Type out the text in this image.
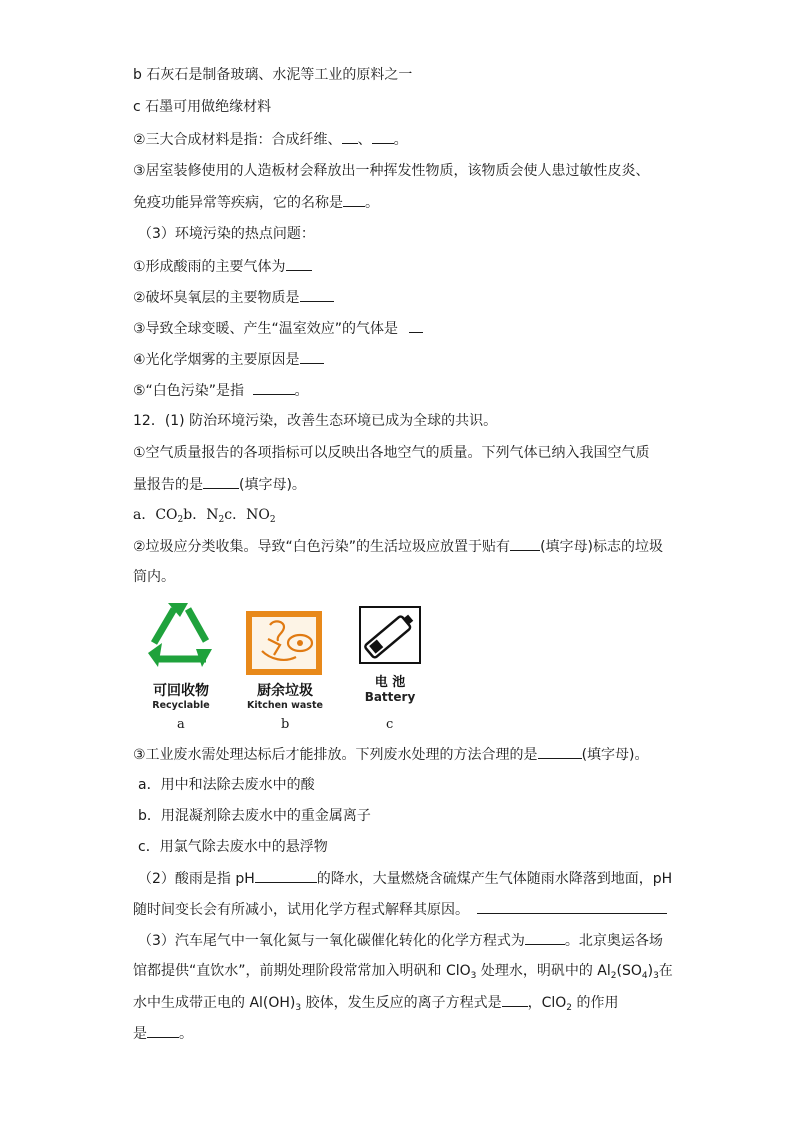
b 石灰石是制备玻璃、水泥等工业的原料之一
c 石墨可用做绝缘材料
②三大合成材料是指：合成纤维、 、 。
③居室装修使用的人造板材会释放出一种挥发性物质，该物质会使人患过敏性皮炎、
免疫功能异常等疾病，它的名称是 。
（3）环境污染的热点问题：
①形成酸雨的主要气体为
②破坏臭氧层的主要物质是
③导致全球变暖、产生“温室效应”的气体是
④光化学烟雾的主要原因是
⑤“白色污染”是指	。
12．(1) 防治环境污染，改善生态环境已成为全球的共识。
①空气质量报告的各项指标可以反映出各地空气的质量。下列气体已纳入我国空气质
量报告的是	(填字母)。
a．$CO_2b$．$N_2c$．$NO_2$
②垃圾应分类收集。导致“白色污染”的生活垃圾应放置于贴有 (填字母)标志的垃圾
筒内。
可回收物
Recyclable
厨余垃圾
Kitchen waste
电 池
Battery
a	b	c
③工业废水需处理达标后才能排放。下列废水处理的方法合理的是	(填字母)。
a．用中和法除去废水中的酸
b．用混凝剂除去废水中的重金属离子
c．用氯气除去废水中的悬浮物
（2）酸雨是指 pH	的降水，大量燃烧含硫煤产生气体随雨水降落到地面，pH
随时间变长会有所减小，试用化学方程式解释其原因。
（3）汽车尾气中一氧化氮与一氧化碳催化转化的化学方程式为	。北京奥运各场
馆都提供“直饮水”，前期处理阶段常常加入明矾和 ClO$_3$ 处理水，明矾中的 $Al_2(SO_4)_3$在
水中生成带正电的 $Al(OH)_3$ 胶体，发生反应的离子方程式是 ，ClO$_2$ 的作用
是 。
